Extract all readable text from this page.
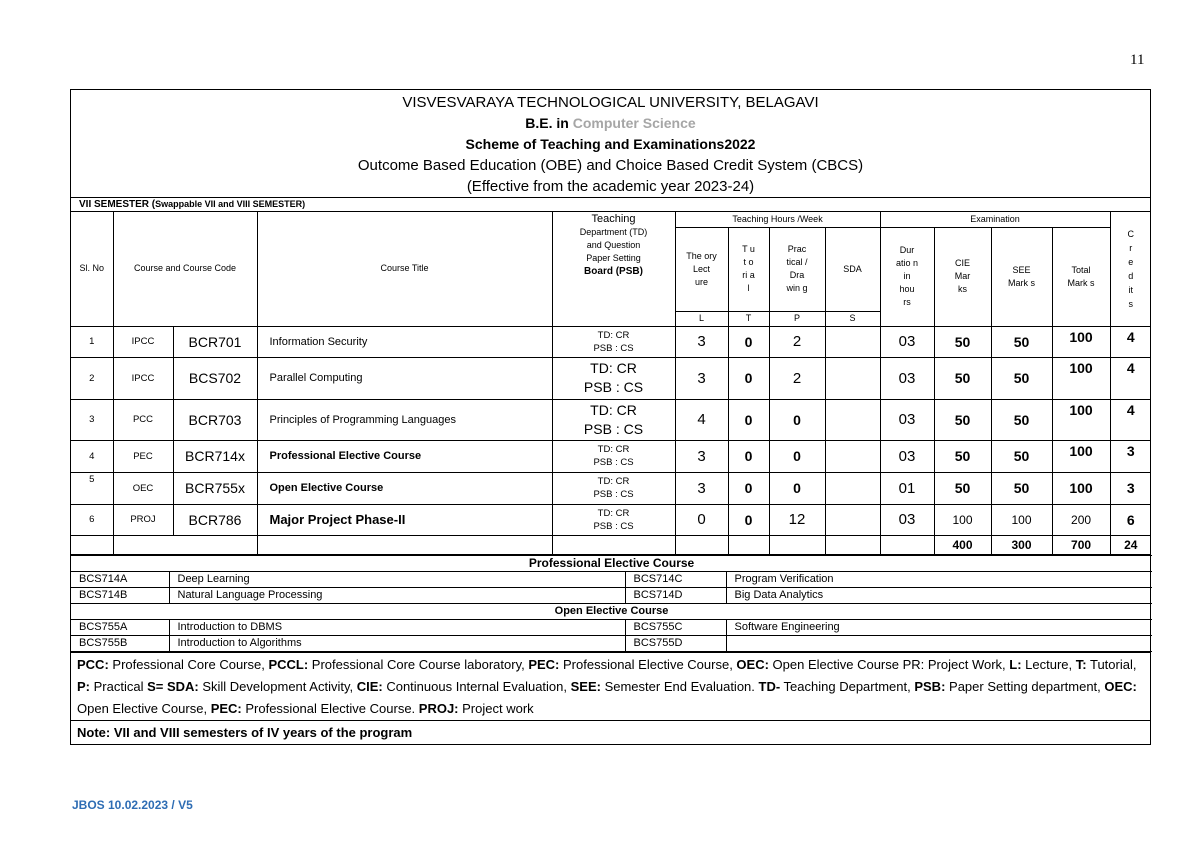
11
VISVESVARAYA TECHNOLOGICAL UNIVERSITY, BELAGAVI
B.E. in Computer Science
Scheme of Teaching and Examinations2022
Outcome Based Education (OBE) and Choice Based Credit System (CBCS)
(Effective from the academic year 2023-24)
VII SEMESTER (Swappable VII and VIII SEMESTER)
Sl. No	Course and Course Code		Course Title	Teaching
Department (TD) and Question Paper Setting
Board (PSB)	Teaching Hours /Week				Examination				C r e d it s
					The ory Lect ure	T u t o ri al	Prac tical / Dra win g	SDA	Dur atio n in hou rs	CIE Mar ks	SEE Mark s	Total Mark s	
					L	T	P	S					
1	IPCC	BCR701	Information Security	TD: CR
PSB : CS	3	0	2		03	50	50	100	4
2	IPCC	BCS702	Parallel Computing	TD: CR
PSB : CS	3	0	2		03	50	50	100	4
3	PCC	BCR703	Principles of Programming Languages	TD: CR
PSB : CS	4	0	0		03	50	50	100	4
4	PEC	BCR714x	Professional Elective Course	TD: CR
PSB : CS	3	0	0		03	50	50	100	3
5	OEC	BCR755x	Open Elective Course	TD: CR
PSB : CS	3	0	0		01	50	50	100	3
6	PROJ	BCR786	Major Project Phase-II	TD: CR
PSB : CS	0	0	12		03	100	100	200	6
										400	300	700	24
Professional Elective Course			
BCS714A	Deep Learning	BCS714C	Program Verification
BCS714B	Natural Language Processing	BCS714D	Big Data Analytics
Open Elective Course			
BCS755A	Introduction to DBMS	BCS755C	Software Engineering
BCS755B	Introduction to Algorithms	BCS755D	
PCC: Professional Core Course, PCCL: Professional Core Course laboratory, PEC: Professional Elective Course, OEC: Open Elective Course PR: Project Work, L: Lecture, T: Tutorial, P: Practical S= SDA: Skill Development Activity, CIE: Continuous Internal Evaluation, SEE: Semester End Evaluation. TD- Teaching Department, PSB: Paper Setting department, OEC: Open Elective Course, PEC: Professional Elective Course. PROJ: Project work
Note: VII and VIII semesters of IV years of the program
JBOS 10.02.2023 / V5
